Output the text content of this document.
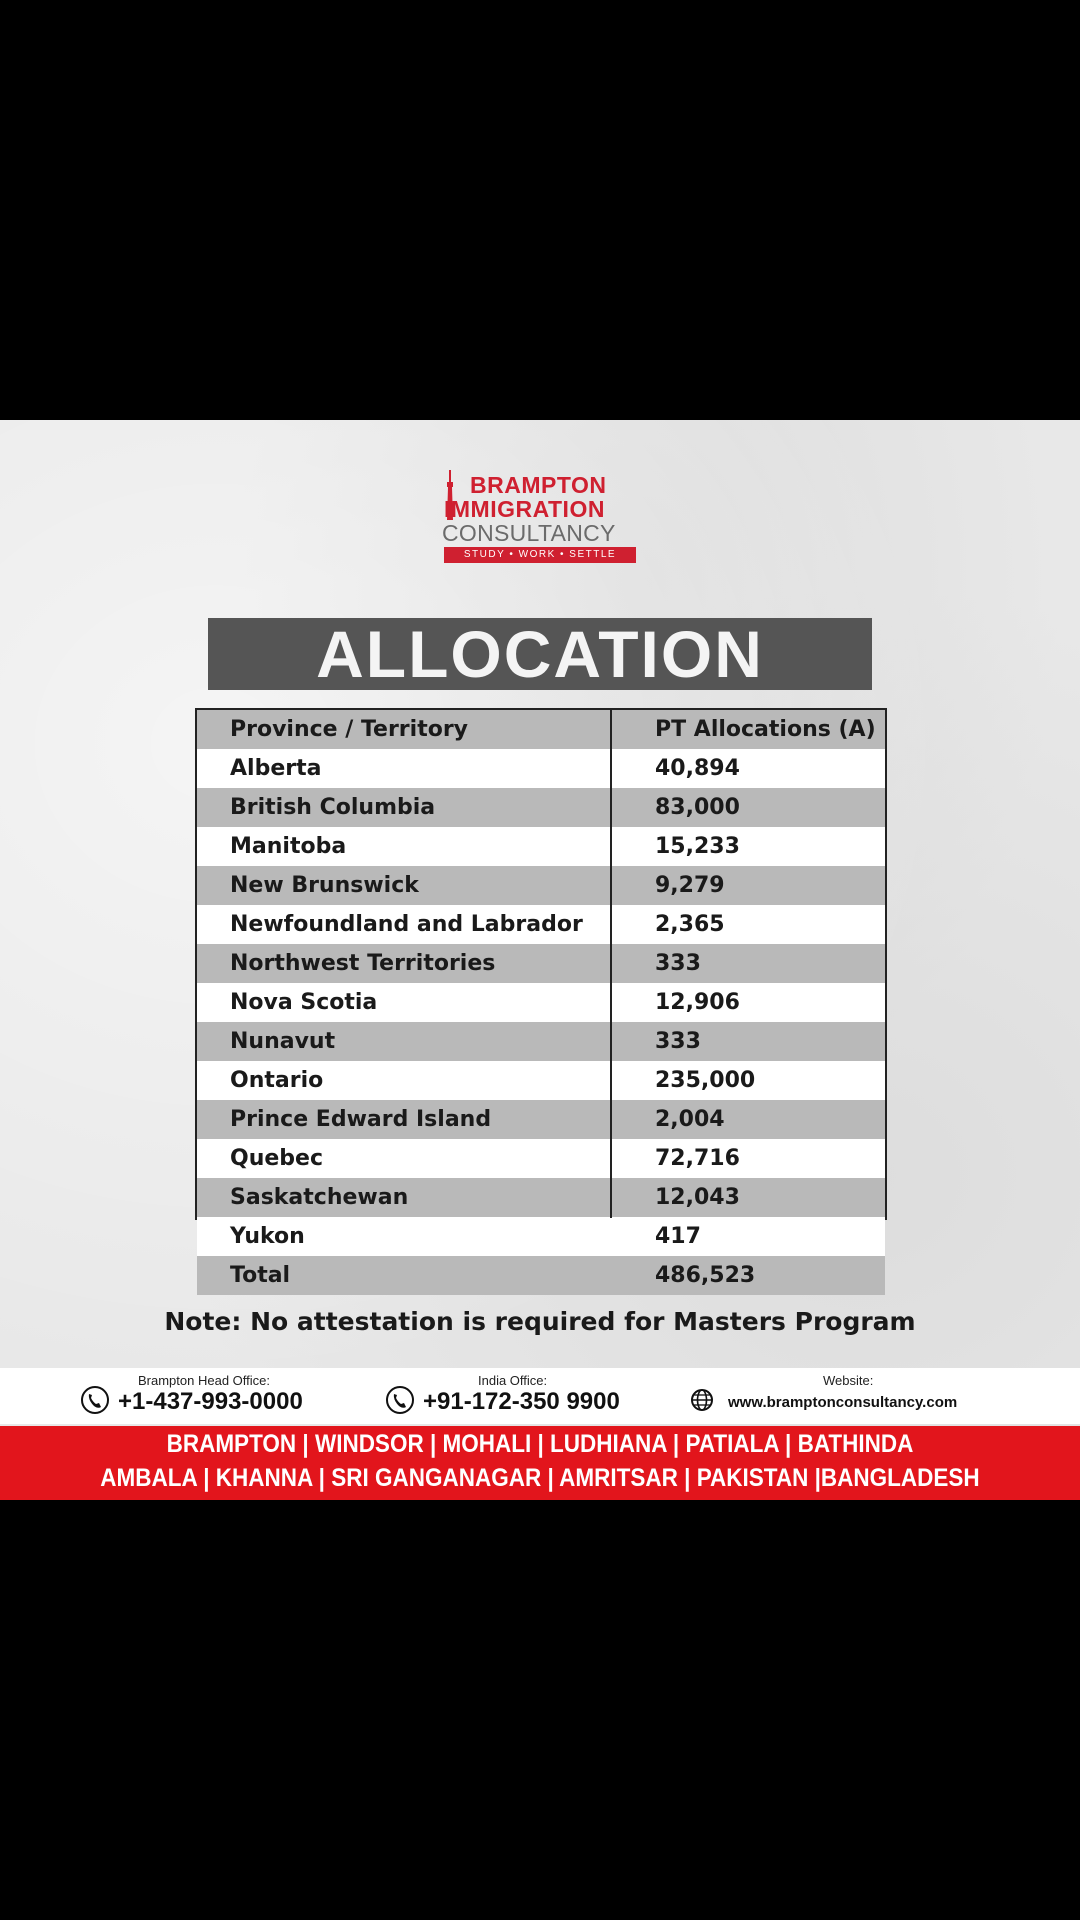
BRAMPTON
IMMIGRATION
CONSULTANCY
STUDY • WORK • SETTLE
ALLOCATION
Province / Territory	PT Allocations (A)
Alberta	40,894
British Columbia	83,000
Manitoba	15,233
New Brunswick	9,279
Newfoundland and Labrador	2,365
Northwest Territories	333
Nova Scotia	12,906
Nunavut	333
Ontario	235,000
Prince Edward Island	2,004
Quebec	72,716
Saskatchewan	12,043
Yukon	417
Total	486,523
Note: No attestation is required for Masters Program
Brampton Head Office:
+1-437-993-0000
India Office:
+91-172-350 9900
Website:
www.bramptonconsultancy.com
BRAMPTON | WINDSOR | MOHALI | LUDHIANA | PATIALA | BATHINDA
AMBALA | KHANNA | SRI GANGANAGAR | AMRITSAR | PAKISTAN |BANGLADESH
